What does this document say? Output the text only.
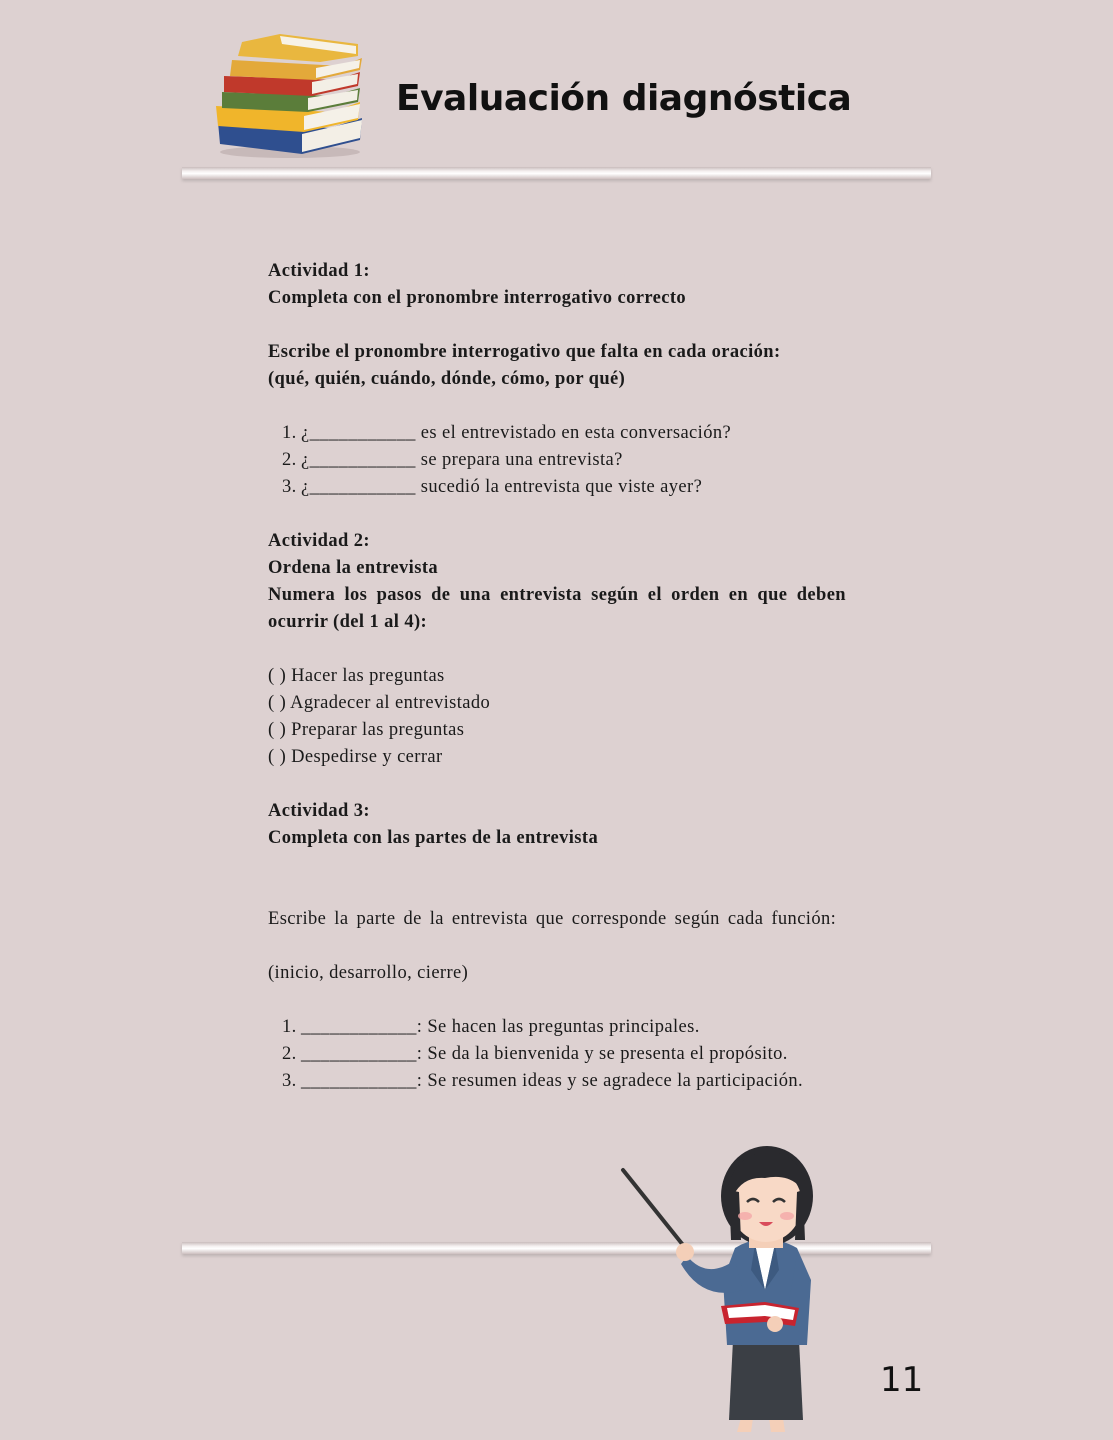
Evaluación diagnóstica

Actividad 1:

Completa con el pronombre interrogativo correcto

Escribe el pronombre interrogativo que falta en cada oración:

(qué, quién, cuándo, dónde, cómo, por qué)

1. ¿___________ es el entrevistado en esta conversación?
2. ¿___________ se prepara una entrevista?
3. ¿___________ sucedió la entrevista que viste ayer?

Actividad 2:

Ordena la entrevista

Numera los pasos de una entrevista según el orden en que deben ocurrir (del 1 al 4):

( ) Hacer las preguntas
( ) Agradecer al entrevistado
( ) Preparar las preguntas
( ) Despedirse y cerrar

Actividad 3:

Completa con las partes de la entrevista

Escribe la parte de la entrevista que corresponde según cada función:

(inicio, desarrollo, cierre)

1. ____________: Se hacen las preguntas principales.
2. ____________: Se da la bienvenida y se presenta el propósito.
3. ____________: Se resumen ideas y se agradece la participación.
11
